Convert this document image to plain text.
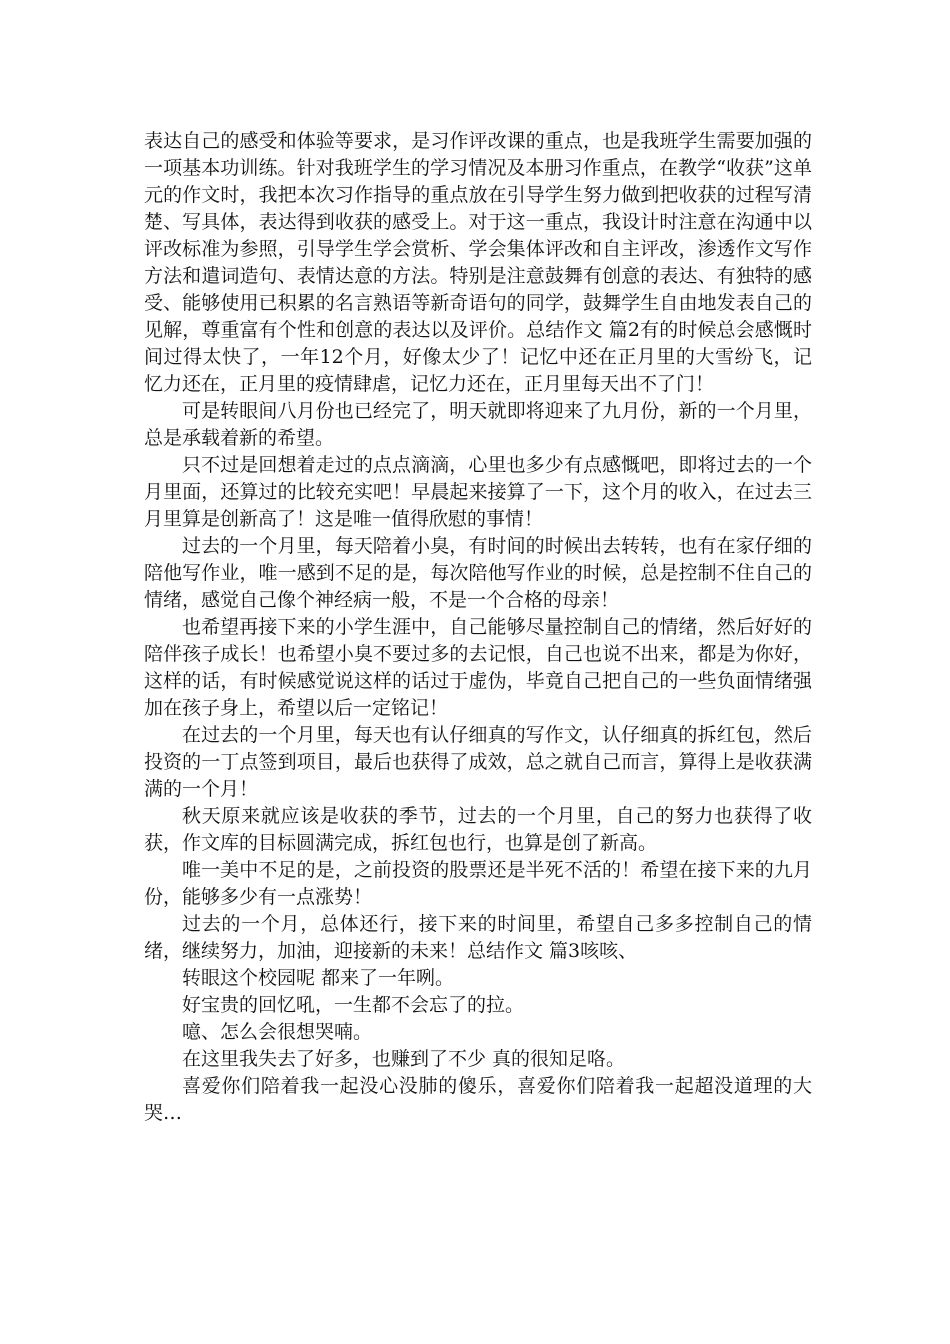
表达自己的感受和体验等要求，是习作评改课的重点，也是我班学生需要加强的一项基本功训练。针对我班学生的学习情况及本册习作重点，在教学“收获”这单元的作文时，我把本次习作指导的重点放在引导学生努力做到把收获的过程写清楚、写具体，表达得到收获的感受上。对于这一重点，我设计时注意在沟通中以评改标准为参照，引导学生学会赏析、学会集体评改和自主评改，渗透作文写作方法和遣词造句、表情达意的方法。特别是注意鼓舞有创意的表达、有独特的感受、能够使用已积累的名言熟语等新奇语句的同学，鼓舞学生自由地发表自己的见解，尊重富有个性和创意的表达以及评价。总结作文 篇2有的时候总会感慨时间过得太快了，一年12个月，好像太少了！记忆中还在正月里的大雪纷飞，记忆力还在，正月里的疫情肆虐，记忆力还在，正月里每天出不了门！

可是转眼间八月份也已经完了，明天就即将迎来了九月份，新的一个月里，总是承载着新的希望。

只不过是回想着走过的点点滴滴，心里也多少有点感慨吧，即将过去的一个月里面，还算过的比较充实吧！早晨起来接算了一下，这个月的收入，在过去三月里算是创新高了！这是唯一值得欣慰的事情！

过去的一个月里，每天陪着小臭，有时间的时候出去转转，也有在家仔细的陪他写作业，唯一感到不足的是，每次陪他写作业的时候，总是控制不住自己的情绪，感觉自己像个神经病一般，不是一个合格的母亲！

也希望再接下来的小学生涯中，自己能够尽量控制自己的情绪，然后好好的陪伴孩子成长！也希望小臭不要过多的去记恨，自己也说不出来，都是为你好，这样的话，有时候感觉说这样的话过于虚伪，毕竟自己把自己的一些负面情绪强加在孩子身上，希望以后一定铭记！

在过去的一个月里，每天也有认仔细真的写作文，认仔细真的拆红包，然后投资的一丁点签到项目，最后也获得了成效，总之就自己而言，算得上是收获满满的一个月！

秋天原来就应该是收获的季节，过去的一个月里，自己的努力也获得了收获，作文库的目标圆满完成，拆红包也行，也算是创了新高。

唯一美中不足的是，之前投资的股票还是半死不活的！希望在接下来的九月份，能够多少有一点涨势！

过去的一个月，总体还行，接下来的时间里，希望自己多多控制自己的情绪，继续努力，加油，迎接新的未来！总结作文 篇3咳咳、

转眼这个校园呢 都来了一年咧。

好宝贵的回忆吼，一生都不会忘了的拉。

噫、怎么会很想哭喃。

在这里我失去了好多，也赚到了不少 真的很知足咯。

喜爱你们陪着我一起没心没肺的傻乐，喜爱你们陪着我一起超没道理的大哭…
